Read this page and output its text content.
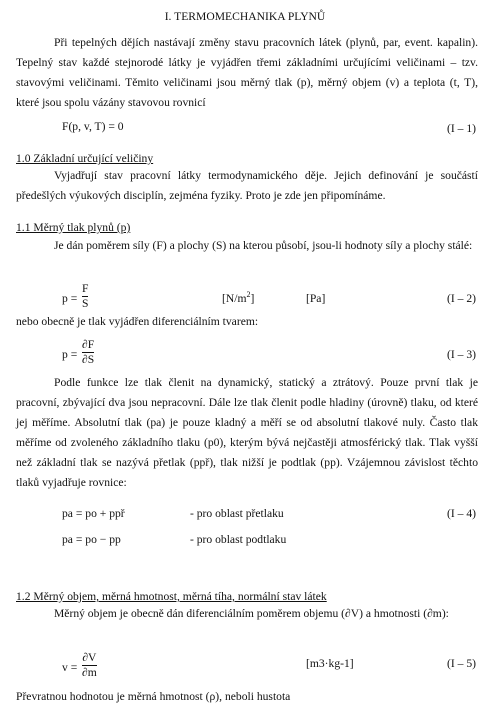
I. TERMOMECHANIKA PLYNŮ
Při tepelných dějích nastávají změny stavu pracovních látek (plynů, par, event. kapalin). Tepelný stav každé stejnorodé látky je vyjádřen třemi základními určujícími veličinami – tzv. stavovými veličinami. Těmito veličinami jsou měrný tlak (p), měrný objem (v) a teplota (t, T), které jsou spolu vázány stavovou rovnicí
F(p, v, T) = 0	(I – 1)
1.0 Základní určující veličiny
Vyjadřují stav pracovní látky termodynamického děje. Jejich definování je součástí předešlých výukových disciplín, zejména fyziky. Proto je zde jen připomínáme.
1.1 Měrný tlak plynů (p)
Je dán poměrem síly (F) a plochy (S) na kterou působí, jsou-li hodnoty síly a plochy stálé:
p =
F
S	$[N/m^2]$	[Pa]	(I – 2)
nebo obecně je tlak vyjádřen diferenciálním tvarem:
p =
∂F
∂S	(I – 3)
Podle funkce lze tlak členit na dynamický, statický a ztrátový. Pouze první tlak je pracovní, zbývající dva jsou nepracovní. Dále lze tlak členit podle hladiny (úrovně) tlaku, od které jej měříme. Absolutní tlak (pa) je pouze kladný a měří se od absolutní tlakové nuly. Často tlak měříme od zvoleného základního tlaku (p0), kterým bývá nejčastěji atmosférický tlak. Tlak vyšší než základní tlak se nazývá přetlak (ppř), tlak nižší je podtlak (pp). Vzájemnou závislost těchto tlaků vyjadřuje rovnice:
pa = po + ppř	- pro oblast přetlaku	(I – 4)
pa = po − pp	- pro oblast podtlaku
1.2 Měrný objem, měrná hmotnost, měrná tíha, normální stav látek
Měrný objem je obecně dán diferenciálním poměrem objemu (∂V) a hmotnosti (∂m):
v =
∂V
∂m
[m3·kg-1]	(I – 5)
Převratnou hodnotou je měrná hmotnost (ρ), neboli hustota
